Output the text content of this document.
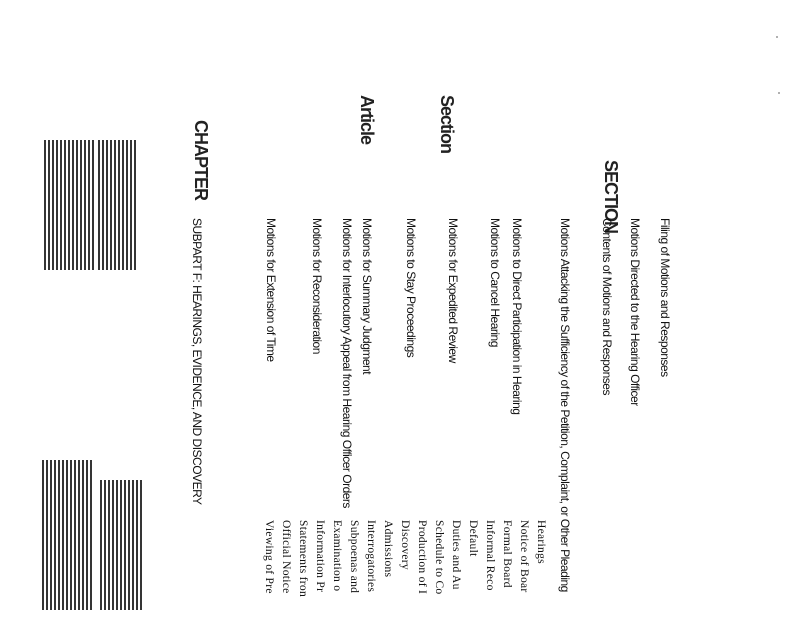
SECTION
Section
Article
CHAPTER
Filing of Motions and Responses
Motions Directed to the Hearing Officer
Contents of Motions and Responses
Motions Attacking the Sufficiency of the Petition, Complaint, or Other Pleading
Motions to Direct Participation in Hearing
Motions to Cancel Hearing
Motions for Expedited Review
Motions to Stay Proceedings
Motions for Summary Judgment
Motions for Interlocutory Appeal from Hearing Officer Orders
Motions for Reconsideration
Motions for Extension of Time
SUBPART F: HEARINGS, EVIDENCE, AND DISCOVERY
Hearings
Notice of Boar
Formal Board
Informal Reco
Default
Duties and Au
Schedule to Co
Production of I
Discovery
Admissions
Interrogatories
Subpoenas and
Examination o
Information Pr
Statements fron
Official Notice
Viewing of Pre
